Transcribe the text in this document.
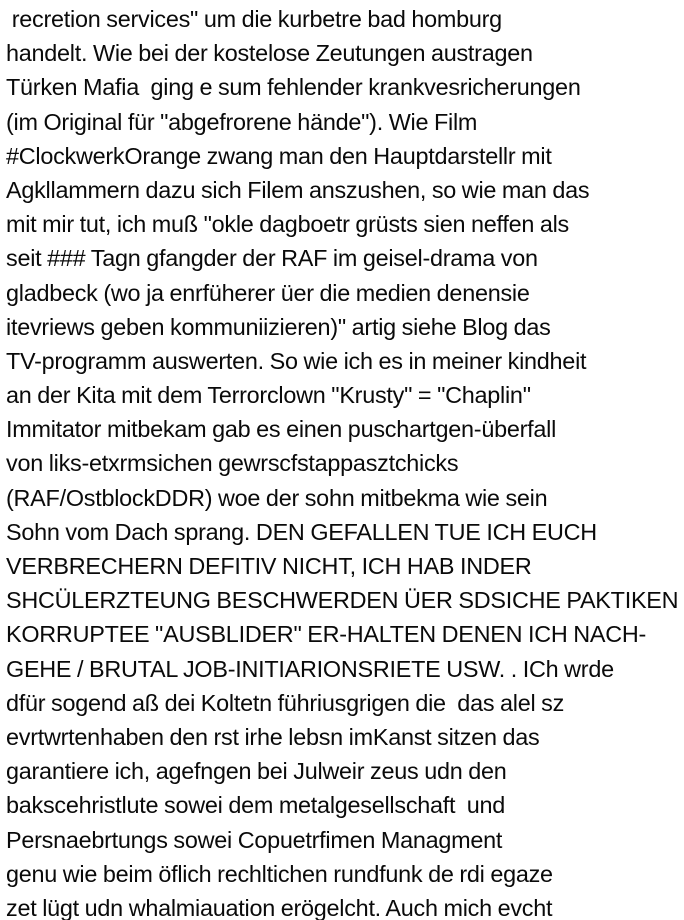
recretion services" um die kurbetre bad homburg
handelt. Wie bei der kostelose Zeutungen austragen
Türken Mafia  ging e sum fehlender krankvesricherungen
(im Original für "abgefrorene hände"). Wie Film
#ClockwerkOrange zwang man den Hauptdarstellr mit
Agkllammern dazu sich Filem anszushen, so wie man das
mit mir tut, ich muß "okle dagboetr grüsts sien neffen als
seit ### Tagn gfangder der RAF im geisel-drama von
gladbeck (wo ja enrfüherer üer die medien denensie
itevriews geben kommuniizieren)" artig siehe Blog das
TV-programm auswerten. So wie ich es in meiner kindheit
an der Kita mit dem Terrorclown "Krusty" = "Chaplin"
Immitator mitbekam gab es einen puschartgen-überfall
von liks-etxrmsichen gewrscfstappasztchicks
(RAF/OstblockDDR) woe der sohn mitbekma wie sein
Sohn vom Dach sprang. DEN GEFALLEN TUE ICH EUCH
VERBRECHERN DEFITIV NICHT, ICH HAB INDER
SHCÜLERZTEUNG BESCHWERDEN ÜER SDSICHE PAKTIKEN
KORRUPTEE "AUSBLIDER" ER-HALTEN DENEN ICH NACH-
GEHE / BRUTAL JOB-INITIARIONSRIETE USW. . ICh wrde
dfür sogend aß dei Koltetn führiusgrigen die  das alel sz
evrtwrtenhaben den rst irhe lebsn imKanst sitzen das
garantiere ich, agefngen bei Julweir zeus udn den
bakscehristlute sowei dem metalgesellschaft  und
Persnaebrtungs sowei Copuetrfimen Managment
genu wie beim öflich rechltichen rundfunk de rdi egaze
zet lügt udn whalmiauation erögelcht. Auch mich evcht
